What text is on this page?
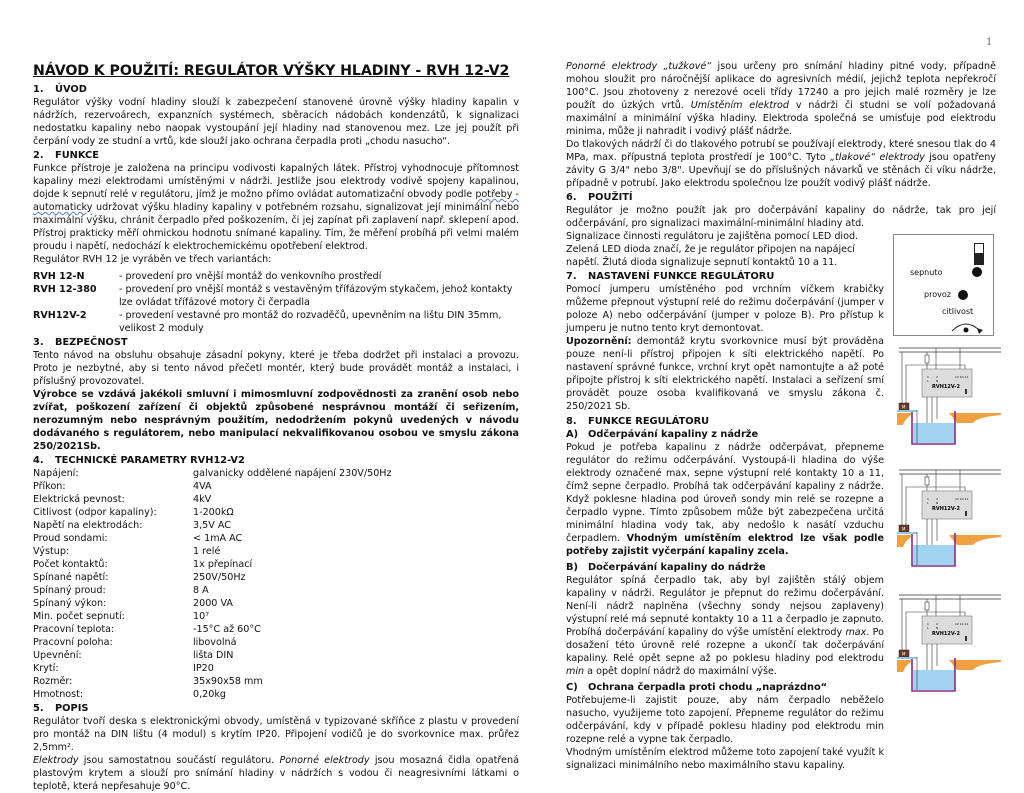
1
NÁVOD K POUŽITÍ: REGULÁTOR VÝŠKY HLADINY - RVH 12-V2
1. ÚVOD

Regulátor výšky vodní hladiny slouží k zabezpečení stanovené úrovně výšky hladiny kapalin v nádržích, rezervoárech, expanzních systémech, sběracích nádobách kondenzátů, k signalizaci nedostatku kapaliny nebo naopak vystoupání její hladiny nad stanovenou mez. Lze jej použít při čerpání vody ze studní a vrtů, kde slouží jako ochrana čerpadla proti „chodu nasucho“.

2. FUNKCE

Funkce přístroje je založena na principu vodivosti kapalných látek. Přístroj vyhodnocuje přítomnost kapaliny mezi elektrodami umístěnými v nádrži. Jestliže jsou elektrody vodivě spojeny kapalinou, dojde k sepnutí relé v regulátoru, jímž je možno přímo ovládat automatizační obvody podle potřeby - automaticky udržovat výšku hladiny kapaliny v potřebném rozsahu, signalizovat její minimální nebo maximální výšku, chránit čerpadlo před poškozením, či jej zapínat při zaplavení např. sklepení apod. Přístroj prakticky měří ohmickou hodnotu snímané kapaliny. Tím, že měření probíhá při velmi malém proudu i napětí, nedochází k elektrochemickému opotřebení elektrod.

Regulátor RVH 12 je vyráběn ve třech variantách:

RVH 12-N	- provedení pro vnější montáž do venkovního prostředí
RVH 12-380	- provedení pro vnější montáž s vestavěným třífázovým stykačem, jehož kontakty lze ovládat třífázové motory či čerpadla
RVH12V-2	- provedení vestavné pro montáž do rozvaděčů, upevněním na lištu DIN 35mm, velikost 2 moduly
3. BEZPEČNOST

Tento návod na obsluhu obsahuje zásadní pokyny, které je třeba dodržet při instalaci a provozu. Proto je nezbytné, aby si tento návod přečetl montér, který bude provádět montáž a instalaci, i příslušný provozovatel.

Výrobce se vzdává jakékoli smluvní i mimosmluvní zodpovědnosti za zranění osob nebo zvířat, poškození zařízení či objektů způsobené nesprávnou montáží či seřizením, nerozumným nebo nesprávným použitím, nedodržením pokynů uvedených v návodu dodávaného s regulátorem, nebo manipulací nekvalifikovanou osobou ve smyslu zákona 250/2021Sb.

4. TECHNICKÉ PARAMETRY RVH12-V2
Napájení:	galvanicky oddělené napájení 230V/50Hz
Příkon:	4VA
Elektrická pevnost:	4kV
Citlivost (odpor kapaliny):	1-200kΩ
Napětí na elektrodách:	3,5V AC
Proud sondami:	< 1mA AC
Výstup:	1 relé
Počet kontaktů:	1x přepínací
Spínané napětí:	250V/50Hz
Spínaný proud:	8 A
Spínaný výkon:	2000 VA
Min. počet sepnutí:	10⁷
Pracovní teplota:	-15°C až 60°C
Pracovní poloha:	libovolná
Upevnění:	lišta DIN
Krytí:	IP20
Rozměr:	35x90x58 mm
Hmotnost:	0,20kg
5. POPIS

Regulátor tvoří deska s elektronickými obvody, umístěná v typizované skříňce z plastu v provedení pro montáž na DIN lištu (4 modul) s krytím IP20. Připojení vodičů je do svorkovnice max. průřez 2,5mm².

Elektrody jsou samostatnou součástí regulátoru. Ponorné elektrody jsou mosazná čidla opatřená plastovým krytem a slouží pro snímání hladiny v nádržích s vodou či neagresivními látkami o teplotě, která nepřesahuje 90°C.

Ponorné elektrody „tužkové“ jsou určeny pro snímání hladiny pitné vody, případně mohou sloužit pro náročnější aplikace do agresivních médií, jejichž teplota nepřekročí 100°C. Jsou zhotoveny z nerezové oceli třídy 17240 a pro jejich malé rozměry je lze použít do úzkých vrtů. Umístěním elektrod v nádrži či studni se volí požadovaná maximální a minimální výška hladiny. Elektroda společná se umisťuje pod elektrodu minima, může ji nahradit i vodivý plášť nádrže.

Do tlakových nádrží či do tlakového potrubí se používají elektrody, které snesou tlak do 4 MPa, max. přípustná teplota prostředí je 100°C. Tyto „tlakové“ elektrody jsou opatřeny závity G 3/4" nebo 3/8". Upevňují se do příslušných návarků ve stěnách či víku nádrže, případně v potrubí. Jako elektrodu společnou lze použít vodivý plášť nádrže.

6. POUŽITÍ

Regulátor je možno použít jak pro dočerpávání kapaliny do nádrže, tak pro její odčerpávání, pro signalizaci maximální-minimální hladiny atd.

Signalizace činnosti regulátoru je zajištěna pomocí LED diod. Zelená LED dioda značí, že je regulátor připojen na napájecí napětí. Žlutá dioda signalizuje sepnutí kontaktů 10 a 11.

7. NASTAVENÍ FUNKCE REGULÁTORU

Pomocí jumperu umístěného pod vrchním víčkem krabičky můžeme přepnout výstupní relé do režimu dočerpávání (jumper v poloze A) nebo odčerpávání (jumper v poloze B). Pro přístup k jumperu je nutno tento kryt demontovat.

Upozornění: demontáž krytu svorkovnice musí být prováděna pouze není-li přístroj připojen k síti elektrického napětí. Po nastavení správné funkce, vrchní kryt opět namontujte a až poté připojte přístroj k síti elektrického napětí. Instalaci a seřízení smí provádět pouze osoba kvalifikovaná ve smyslu zákona č. 250/2021 Sb.

8. FUNKCE REGULÁTORU
A) Odčerpávání kapaliny z nádrže

Pokud je potřeba kapalinu z nádrže odčerpávat, přepneme regulátor do režimu odčerpávání. Vystoupá-li hladina do výše elektrody označené max, sepne výstupní relé kontakty 10 a 11, čímž sepne čerpadlo. Probíhá tak odčerpávání kapaliny z nádrže. Když poklesne hladina pod úroveň sondy min relé se rozepne a čerpadlo vypne. Tímto způsobem může být zabezpečena určitá minimální hladina vody tak, aby nedošlo k nasátí vzduchu čerpadlem. Vhodným umístěním elektrod lze však podle potřeby zajistit vyčerpání kapaliny zcela.

B) Dočerpávání kapaliny do nádrže

Regulátor spíná čerpadlo tak, aby byl zajištěn stálý objem kapaliny v nádrži. Regulátor je přepnut do režimu dočerpávání. Není-li nádrž naplněna (všechny sondy nejsou zaplaveny) výstupní relé má sepnuté kontakty 10 a 11 a čerpadlo je zapnuto. Probíhá dočerpávání kapaliny do výše umístění elektrody max. Po dosažení této úrovně relé rozepne a ukončí tak dočerpávání kapaliny. Relé opět sepne až po poklesu hladiny pod elektrodu min a opět doplní nádrž do maximální výše.

C) Ochrana čerpadla proti chodu „naprázdno“

Potřebujeme-li zajistit pouze, aby nám čerpadlo neběželo nasucho, využijeme toto zapojení. Přepneme regulátor do režimu odčerpávání, kdy v případě poklesu hladiny pod elektrodu min rozepne relé a vypne tak čerpadlo.

Vhodným umístěním elektrod můžeme toto zapojení také využít k signalizaci minimálního nebo maximálního stavu kapaliny.

sepnuto
provoz
citlivost
1 2
L N
12 10 11
RVH12V-2
M
1 2
L N
12 10 11
RVH12V-2
M
1 2
L N
12 10 11
RVH12V-2
M
